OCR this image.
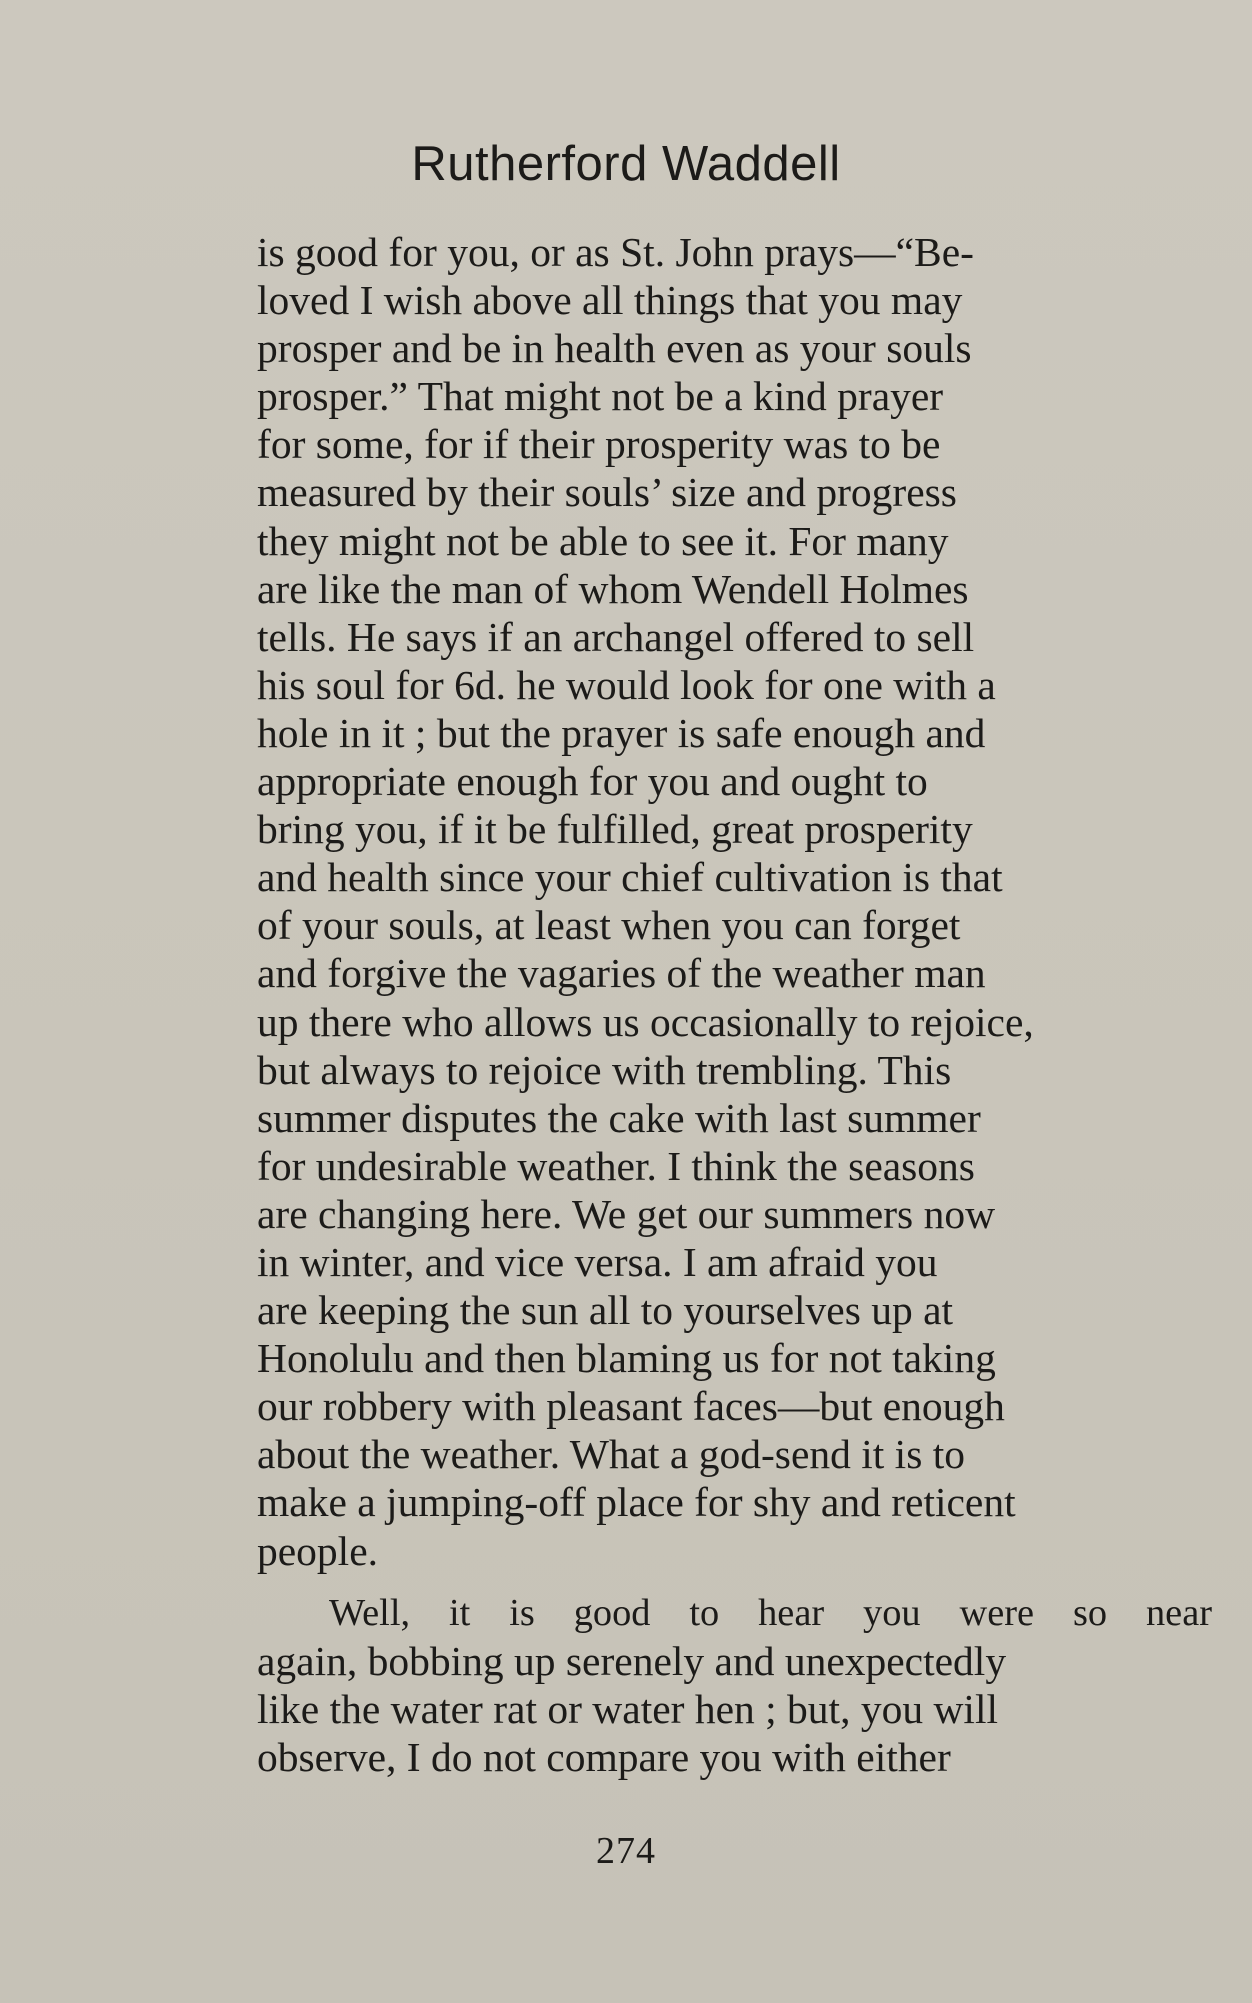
Rutherford Waddell

is good for you, or as St. John prays—“Be-
loved I wish above all things that you may
prosper and be in health even as your souls
prosper.” That might not be a kind prayer
for some, for if their prosperity was to be
measured by their souls’ size and progress
they might not be able to see it. For many
are like the man of whom Wendell Holmes
tells. He says if an archangel offered to sell
his soul for 6d. he would look for one with a
hole in it ; but the prayer is safe enough and
appropriate enough for you and ought to
bring you, if it be fulfilled, great prosperity
and health since your chief cultivation is that
of your souls, at least when you can forget
and forgive the vagaries of the weather man
up there who allows us occasionally to rejoice,
but always to rejoice with trembling. This
summer disputes the cake with last summer
for undesirable weather. I think the seasons
are changing here. We get our summers now
in winter, and vice versa. I am afraid you
are keeping the sun all to yourselves up at
Honolulu and then blaming us for not taking
our robbery with pleasant faces—but enough
about the weather. What a god-send it is to
make a jumping-off place for shy and reticent
people.

Well, it is good to hear you were so near
again, bobbing up serenely and unexpectedly
like the water rat or water hen ; but, you will
observe, I do not compare you with either

274
